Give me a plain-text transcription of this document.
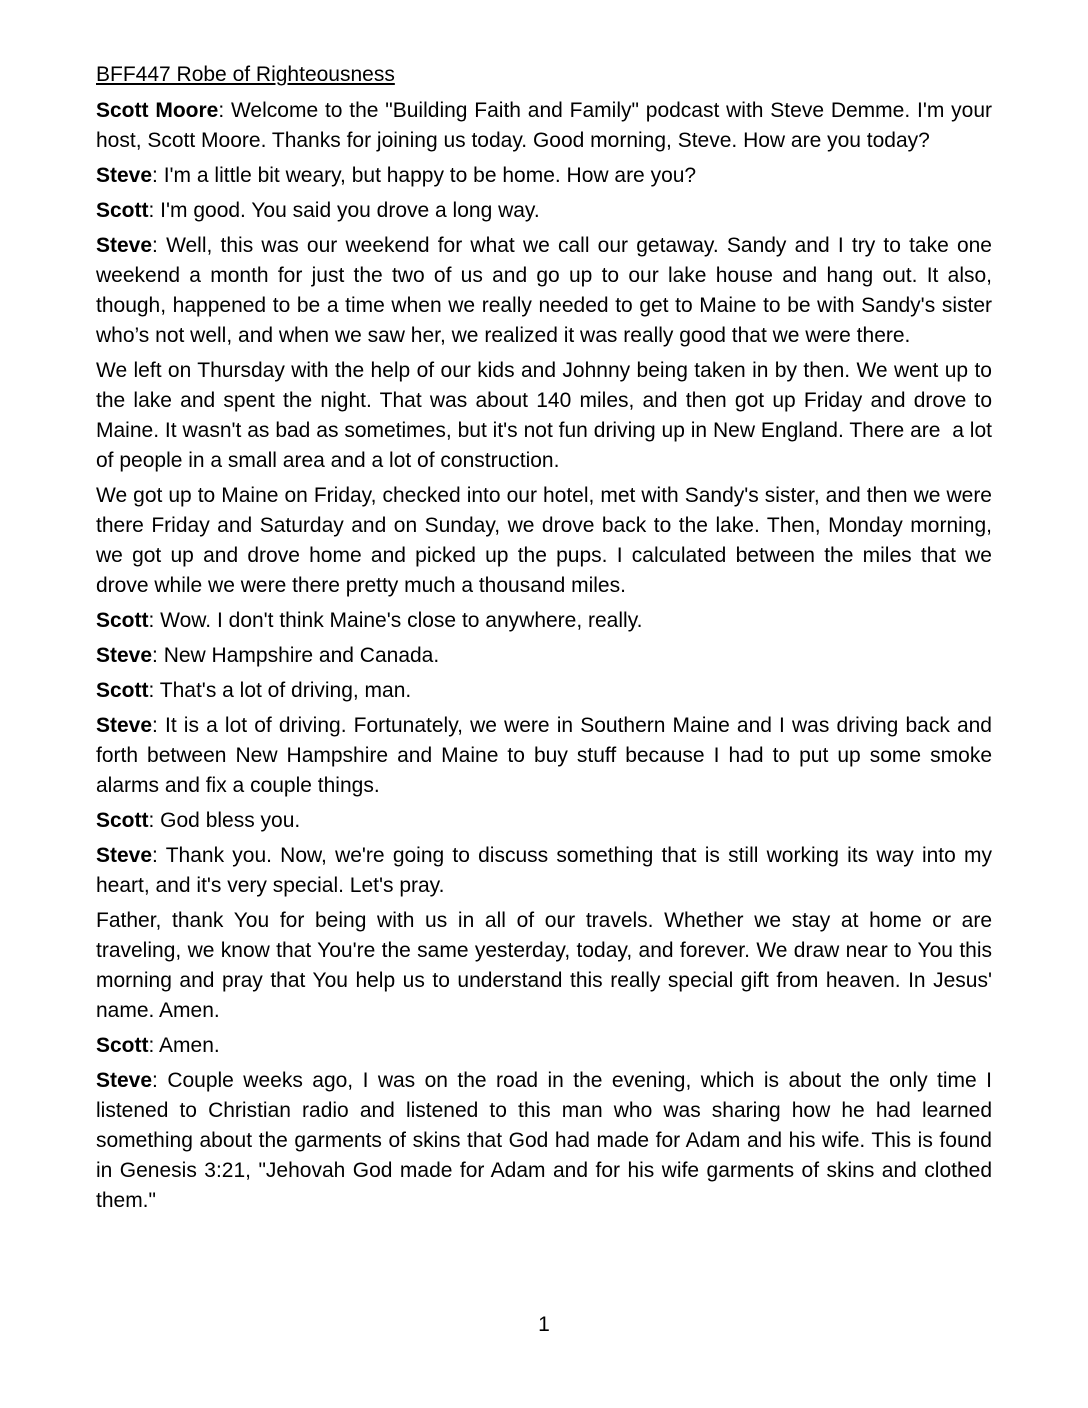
BFF447 Robe of Righteousness

Scott Moore: Welcome to the "Building Faith and Family" podcast with Steve Demme. I'm your host, Scott Moore. Thanks for joining us today. Good morning, Steve. How are you today?

Steve: I'm a little bit weary, but happy to be home. How are you?

Scott: I'm good. You said you drove a long way.

Steve: Well, this was our weekend for what we call our getaway. Sandy and I try to take one weekend a month for just the two of us and go up to our lake house and hang out. It also, though, happened to be a time when we really needed to get to Maine to be with Sandy's sister who’s not well, and when we saw her, we realized it was really good that we were there.

We left on Thursday with the help of our kids and Johnny being taken in by then. We went up to the lake and spent the night. That was about 140 miles, and then got up Friday and drove to Maine. It wasn't as bad as sometimes, but it's not fun driving up in New England. There are  a lot of people in a small area and a lot of construction.

We got up to Maine on Friday, checked into our hotel, met with Sandy's sister, and then we were there Friday and Saturday and on Sunday, we drove back to the lake. Then, Monday morning, we got up and drove home and picked up the pups. I calculated between the miles that we drove while we were there pretty much a thousand miles.

Scott: Wow. I don't think Maine's close to anywhere, really.

Steve: New Hampshire and Canada.

Scott: That's a lot of driving, man.

Steve: It is a lot of driving. Fortunately, we were in Southern Maine and I was driving back and forth between New Hampshire and Maine to buy stuff because I had to put up some smoke alarms and fix a couple things.

Scott: God bless you.

Steve: Thank you. Now, we're going to discuss something that is still working its way into my heart, and it's very special. Let's pray.

Father, thank You for being with us in all of our travels. Whether we stay at home or are traveling, we know that You're the same yesterday, today, and forever. We draw near to You this morning and pray that You help us to understand this really special gift from heaven. In Jesus' name. Amen.

Scott: Amen.

Steve: Couple weeks ago, I was on the road in the evening, which is about the only time I listened to Christian radio and listened to this man who was sharing how he had learned something about the garments of skins that God had made for Adam and his wife. This is found in Genesis 3:21, "Jehovah God made for Adam and for his wife garments of skins and clothed them."

1
